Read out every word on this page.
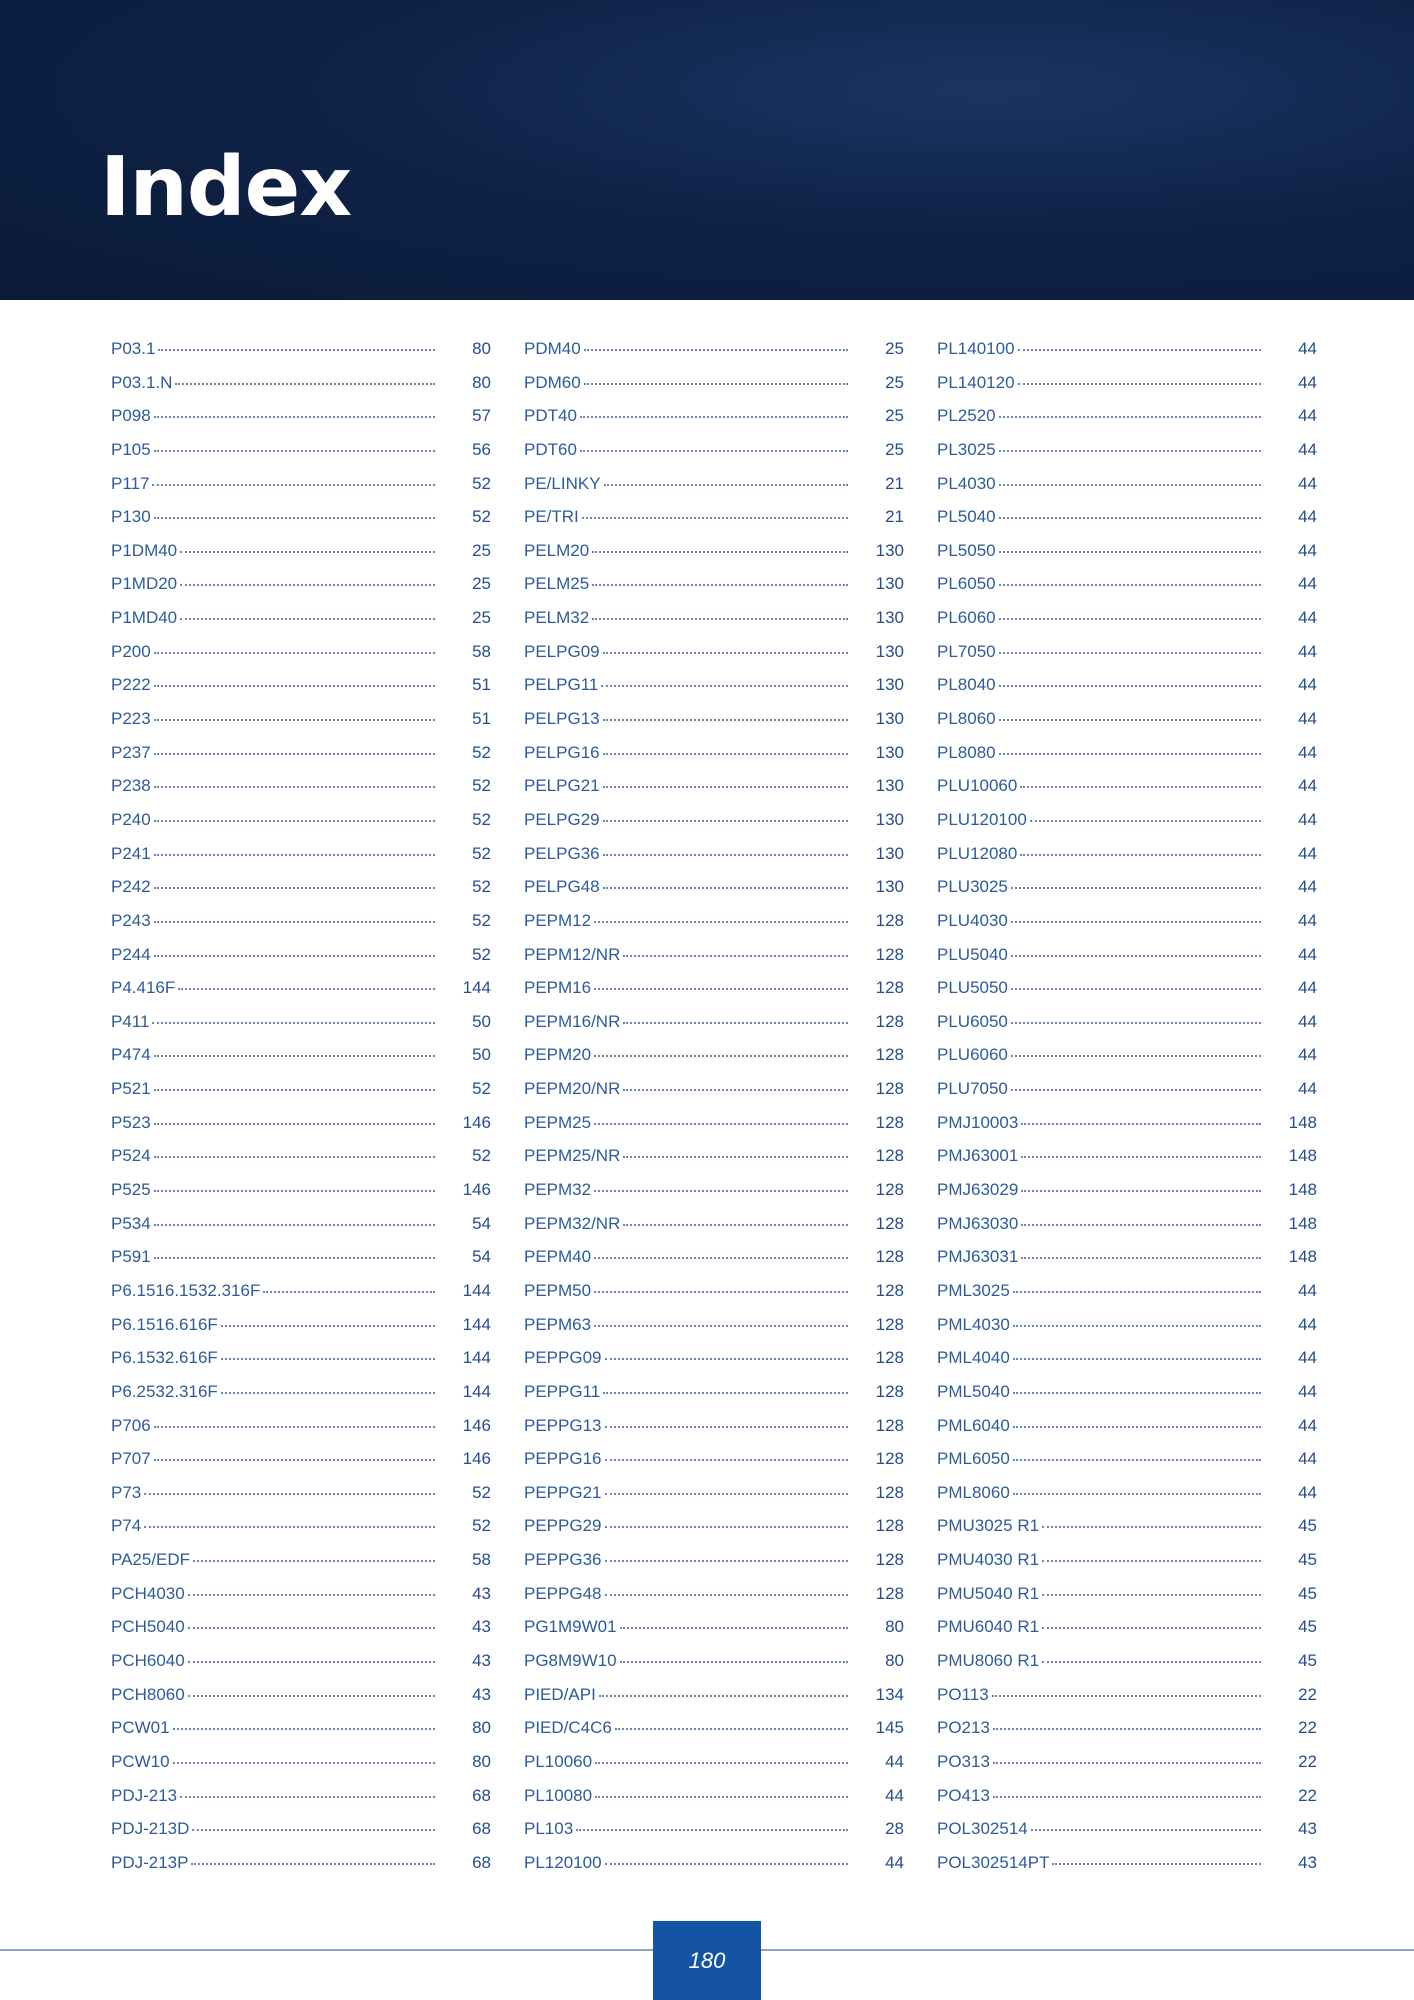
Index
P03.1	80
P03.1.N	80
P098	57
P105	56
P117	52
P130	52
P1DM40	25
P1MD20	25
P1MD40	25
P200	58
P222	51
P223	51
P237	52
P238	52
P240	52
P241	52
P242	52
P243	52
P244	52
P4.416F	144
P411	50
P474	50
P521	52
P523	146
P524	52
P525	146
P534	54
P591	54
P6.1516.1532.316F	144
P6.1516.616F	144
P6.1532.616F	144
P6.2532.316F	144
P706	146
P707	146
P73	52
P74	52
PA25/EDF	58
PCH4030	43
PCH5040	43
PCH6040	43
PCH8060	43
PCW01	80
PCW10	80
PDJ-213	68
PDJ-213D	68
PDJ-213P	68
PDM40	25
PDM60	25
PDT40	25
PDT60	25
PE/LINKY	21
PE/TRI	21
PELM20	130
PELM25	130
PELM32	130
PELPG09	130
PELPG11	130
PELPG13	130
PELPG16	130
PELPG21	130
PELPG29	130
PELPG36	130
PELPG48	130
PEPM12	128
PEPM12/NR	128
PEPM16	128
PEPM16/NR	128
PEPM20	128
PEPM20/NR	128
PEPM25	128
PEPM25/NR	128
PEPM32	128
PEPM32/NR	128
PEPM40	128
PEPM50	128
PEPM63	128
PEPPG09	128
PEPPG11	128
PEPPG13	128
PEPPG16	128
PEPPG21	128
PEPPG29	128
PEPPG36	128
PEPPG48	128
PG1M9W01	80
PG8M9W10	80
PIED/API	134
PIED/C4C6	145
PL10060	44
PL10080	44
PL103	28
PL120100	44
PL140100	44
PL140120	44
PL2520	44
PL3025	44
PL4030	44
PL5040	44
PL5050	44
PL6050	44
PL6060	44
PL7050	44
PL8040	44
PL8060	44
PL8080	44
PLU10060	44
PLU120100	44
PLU12080	44
PLU3025	44
PLU4030	44
PLU5040	44
PLU5050	44
PLU6050	44
PLU6060	44
PLU7050	44
PMJ10003	148
PMJ63001	148
PMJ63029	148
PMJ63030	148
PMJ63031	148
PML3025	44
PML4030	44
PML4040	44
PML5040	44
PML6040	44
PML6050	44
PML8060	44
PMU3025 R1	45
PMU4030 R1	45
PMU5040 R1	45
PMU6040 R1	45
PMU8060 R1	45
PO113	22
PO213	22
PO313	22
PO413	22
POL302514	43
POL302514PT	43
180
